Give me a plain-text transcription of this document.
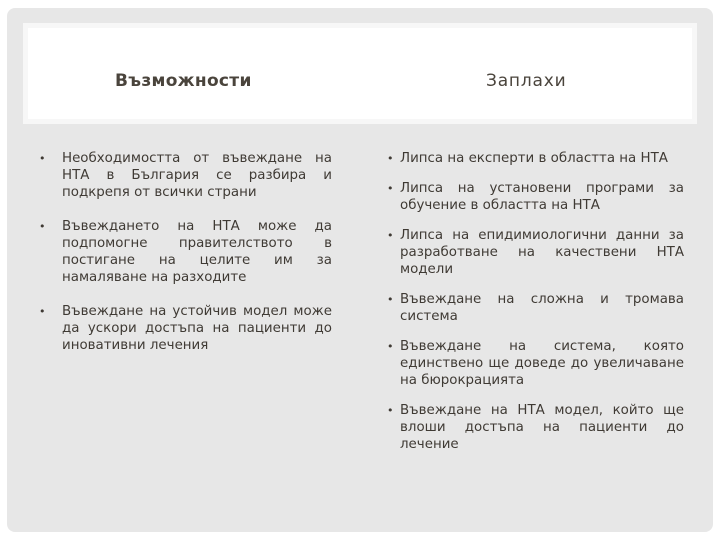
Възможности	Заплахи
• Необходимостта от въвеждане на НТА в България се разбира и подкрепя от всички страни
• Въвеждането на НТА може да подпомогне правителството в постигане на целите им за намаляване на разходите
• Въвеждане на устойчив модел може да ускори достъпа на пациенти до иновативни лечения
• Липса на експерти в областта на НТА
• Липса на установени програми за обучение в областта на НТА
• Липса на епидимиологични данни за разработване на качествени НТА модели
• Въвеждане на сложна и тромава система
• Въвеждане на система, която единствено ще доведе до увеличаване на бюрокрацията
• Въвеждане на НТА модел, който ще влоши достъпа на пациенти до лечение
